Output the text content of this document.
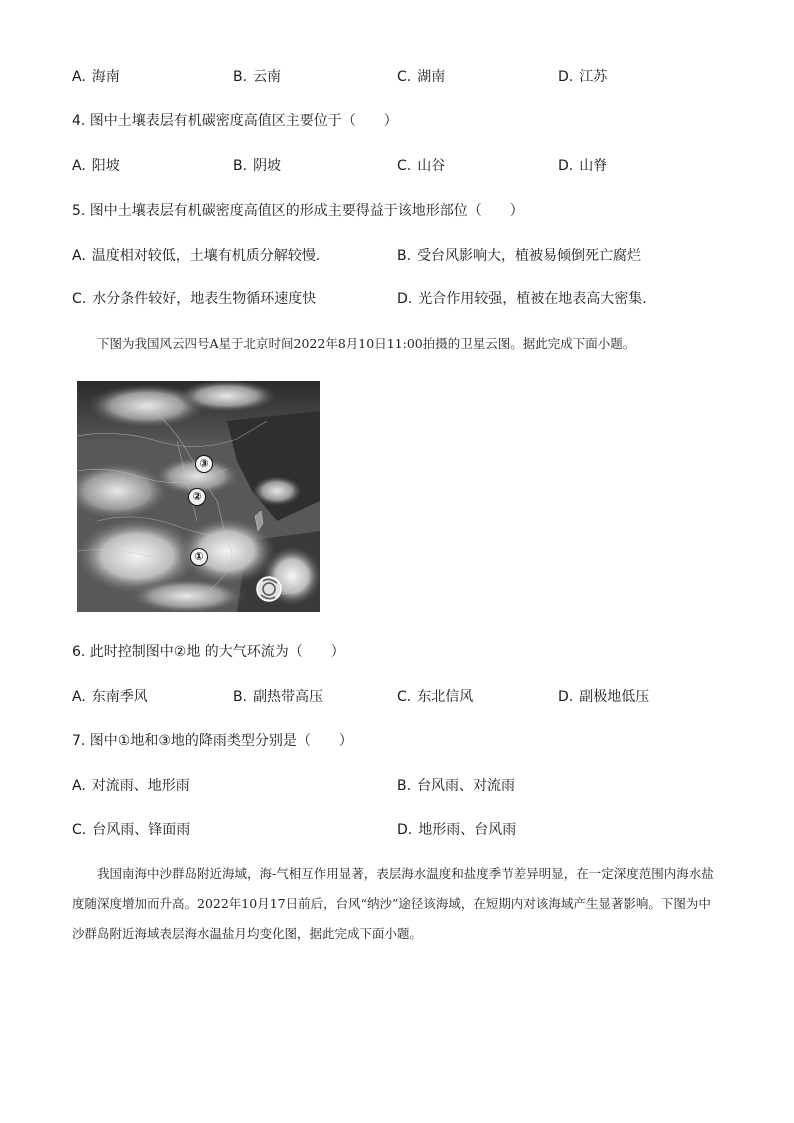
A. 海南	B. 云南	C. 湖南	D. 江苏
4. 图中土壤表层有机碳密度高值区主要位于（　　）
A. 阳坡	B. 阴坡	C. 山谷	D. 山脊
5. 图中土壤表层有机碳密度高值区的形成主要得益于该地形部位（　　）
A. 温度相对较低，土壤有机质分解较慢.	B. 受台风影响大，植被易倾倒死亡腐烂
C. 水分条件较好，地表生物循环速度快	D. 光合作用较强，植被在地表高大密集.

下图为我国风云四号A星于北京时间2022年8月10日11:00拍摄的卫星云图。据此完成下面小题。

③
②
①
6. 此时控制图中②地 的大气环流为（　　）
A. 东南季风	B. 副热带高压	C. 东北信风	D. 副极地低压
7. 图中①地和③地的降雨类型分别是（　　）
A. 对流雨、地形雨	B. 台风雨、对流雨
C. 台风雨、锋面雨	D. 地形雨、台风雨

我国南海中沙群岛附近海域，海-气相互作用显著，表层海水温度和盐度季节差异明显，在一定深度范围内海水盐度随深度增加而升高。2022年10月17日前后，台风“纳沙”途径该海域，在短期内对该海域产生显著影响。下图为中沙群岛附近海域表层海水温盐月均变化图，据此完成下面小题。
